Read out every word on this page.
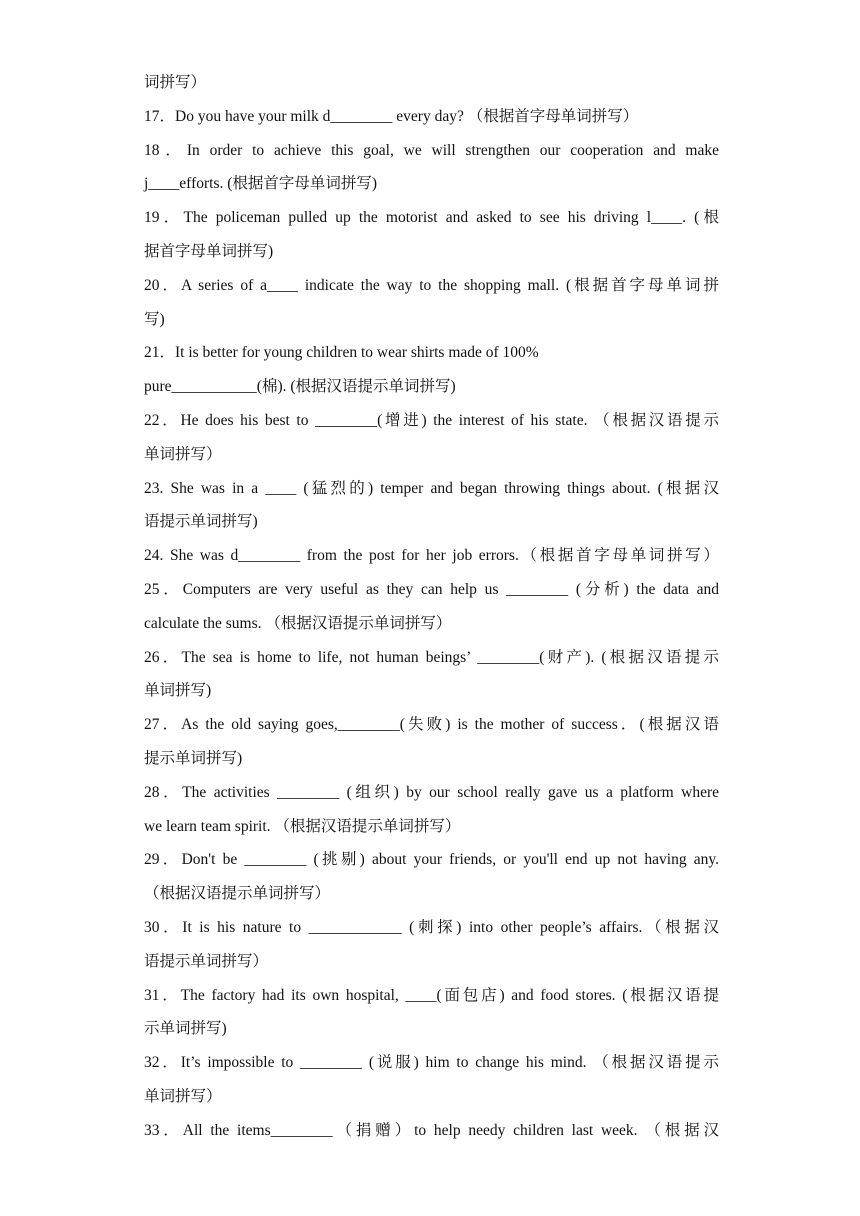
词拼写）
17．Do you have your milk d________ every day? （根据首字母单词拼写）
18．In order to achieve this goal, we will strengthen our cooperation and make
j____efforts. (根据首字母单词拼写)
19．The policeman pulled up the motorist and asked to see his driving l____. (根
据首字母单词拼写)
20．A series of a____ indicate the way to the shopping mall. (根据首字母单词拼
写)
21．It is better for young children to wear shirts made of 100%
pure___________(棉). (根据汉语提示单词拼写)
22．He does his best to ________(增进) the interest of his state. （根据汉语提示
单词拼写）
23. She was in a ____ (猛烈的) temper and began throwing things about. (根据汉
语提示单词拼写)
24. She was d________ from the post for her job errors.（根据首字母单词拼写）
25．Computers are very useful as they can help us ________ (分析) the data and
calculate the sums. （根据汉语提示单词拼写）
26．The sea is home to life, not human beings’ ________(财产). (根据汉语提示
单词拼写)
27．As the old saying goes,________(失败) is the mother of success．(根据汉语
提示单词拼写)
28．The activities ________ (组织) by our school really gave us a platform where
we learn team spirit. （根据汉语提示单词拼写）
29．Don't be ________ (挑剔) about your friends, or you'll end up not having any.
（根据汉语提示单词拼写）
30．It is his nature to ____________ (刺探) into other people’s affairs.（根据汉
语提示单词拼写）
31．The factory had its own hospital, ____(面包店) and food stores. (根据汉语提
示单词拼写)
32．It’s impossible to ________ (说服) him to change his mind. （根据汉语提示
单词拼写）
33．All the items________（捐赠）to help needy children last week. （根据汉
